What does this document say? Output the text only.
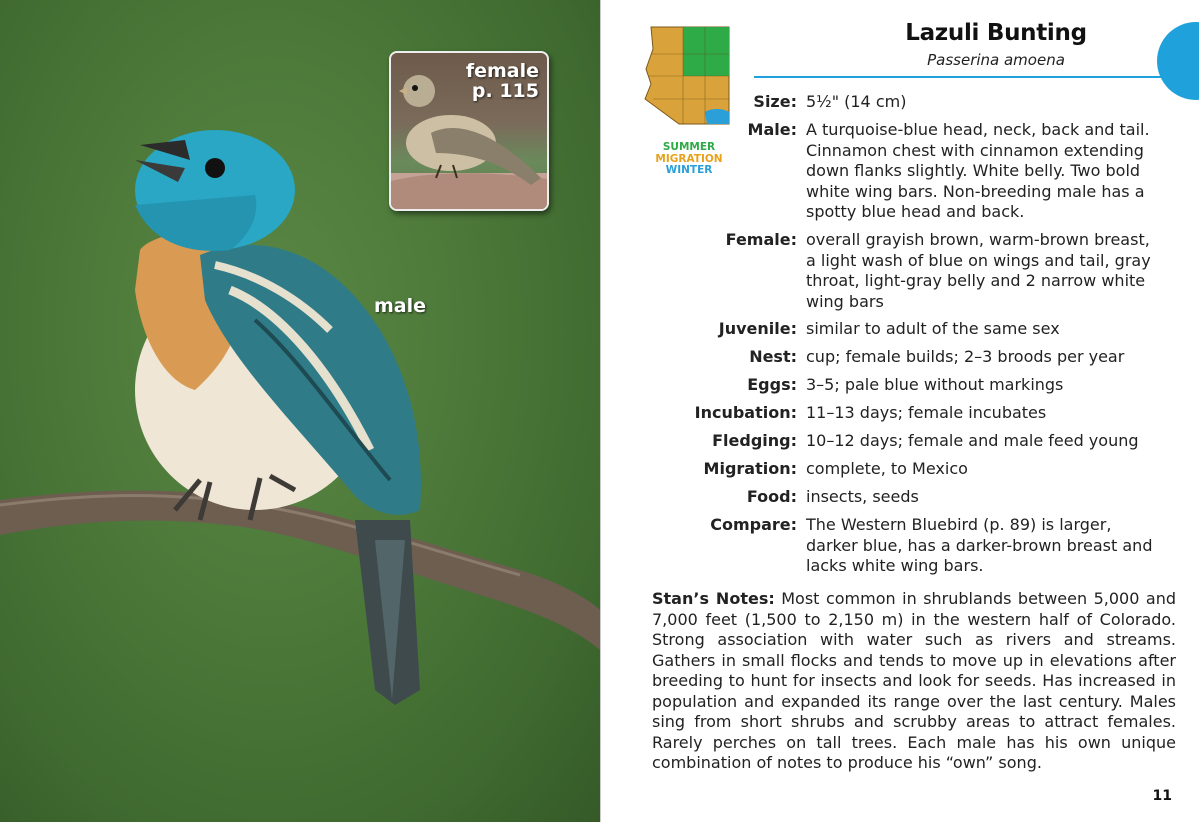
male
female
p. 115
SUMMER
MIGRATION
WINTER
Lazuli Bunting
Passerina amoena
Size: 5½" (14 cm)
Male: A turquoise-blue head, neck, back and tail. Cinnamon chest with cinnamon extending down flanks slightly. White belly. Two bold white wing bars. Non-breeding male has a spotty blue head and back.
Female: overall grayish brown, warm-brown breast, a light wash of blue on wings and tail, gray throat, light-gray belly and 2 narrow white wing bars
Juvenile: similar to adult of the same sex
Nest: cup; female builds; 2–3 broods per year
Eggs: 3–5; pale blue without markings
Incubation: 11–13 days; female incubates
Fledging: 10–12 days; female and male feed young
Migration: complete, to Mexico
Food: insects, seeds
Compare: The Western Bluebird (p. 89) is larger, darker blue, has a darker-brown breast and lacks white wing bars.
Stan’s Notes: Most common in shrublands between 5,000 and 7,000 feet (1,500 to 2,150 m) in the western half of Colorado. Strong association with water such as rivers and streams. Gathers in small flocks and tends to move up in elevations after breeding to hunt for insects and look for seeds. Has increased in population and expanded its range over the last century. Males sing from short shrubs and scrubby areas to attract females. Rarely perches on tall trees. Each male has his own unique combination of notes to produce his “own” song.
11
